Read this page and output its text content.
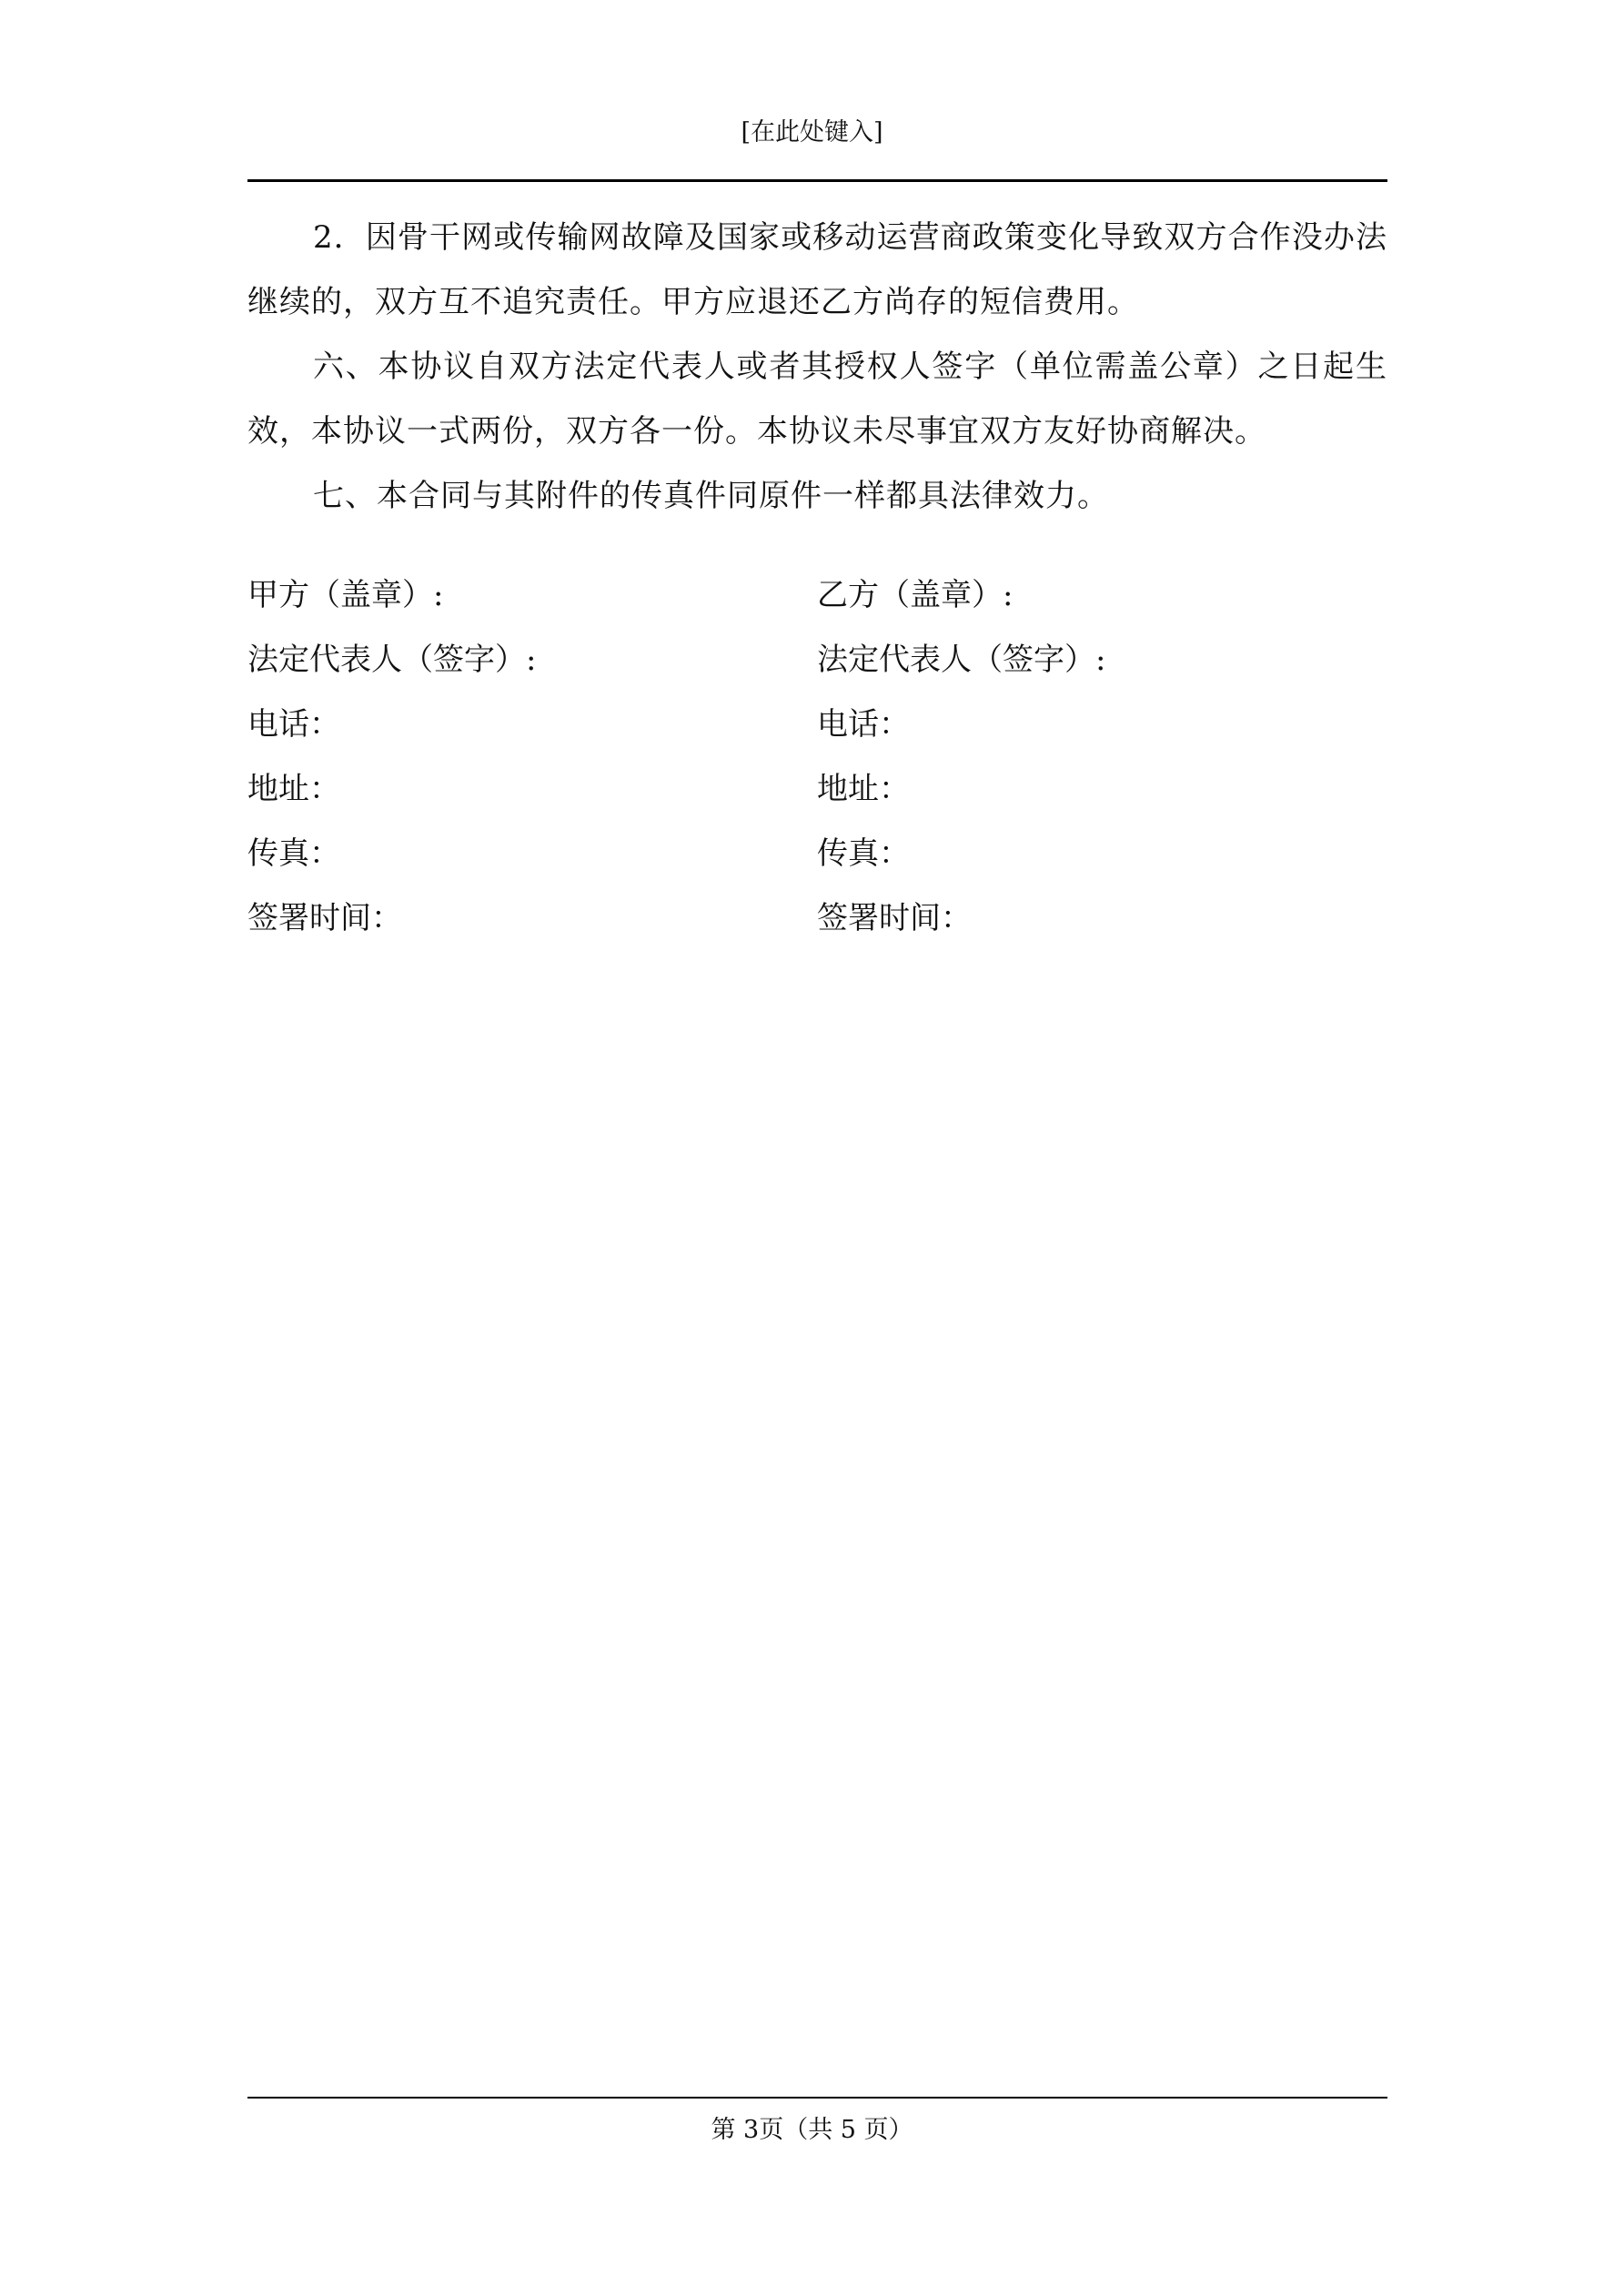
[在此处键入]

2．因骨干网或传输网故障及国家或移动运营商政策变化导致双方合作没办法继续的，双方互不追究责任。甲方应退还乙方尚存的短信费用。

六、本协议自双方法定代表人或者其授权人签字（单位需盖公章）之日起生效，本协议一式两份，双方各一份。本协议未尽事宜双方友好协商解决。

七、本合同与其附件的传真件同原件一样都具法律效力。

甲方（盖章）:	乙方（盖章）:
法定代表人（签字）:	法定代表人（签字）:
电话：	电话：
地址：	地址：
传真：	传真：
签署时间：	签署时间：
第 3页（共 5 页）
